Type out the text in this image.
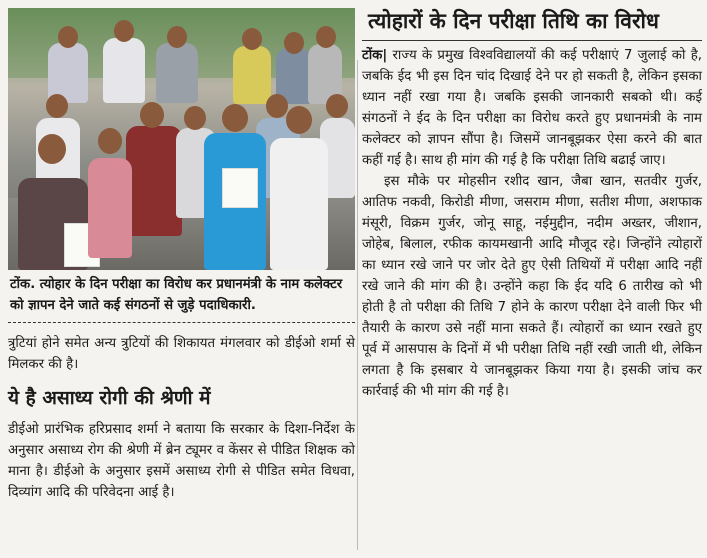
टोंक. त्योहार के दिन परीक्षा का विरोध कर प्रधानमंत्री के नाम कलेक्टर को ज्ञापन देने जाते कई संगठनों से जुड़े पदाधिकारी.

त्रुटियां होने समेत अन्य त्रुटियों की शिकायत मंगलवार को डीईओ शर्मा से मिलकर की है।

ये है असाध्य रोगी की श्रेणी में

डीईओ प्रारंभिक हरिप्रसाद शर्मा ने बताया कि सरकार के दिशा-निर्देश के अनुसार असाध्य रोग की श्रेणी में ब्रेन ट्यूमर व केंसर से पीडित शिक्षक को माना है। डीईओ के अनुसार इसमें असाध्य रोगी से पीडित समेत विधवा, दिव्यांग आदि की परिवेदना आई है।

त्योहारों के दिन परीक्षा तिथि का विरोध

टोंक| राज्य के प्रमुख विश्वविद्यालयों की कई परीक्षाएं 7 जुलाई को है, जबकि ईद भी इस दिन चांद दिखाई देने पर हो सकती है, लेकिन इसका ध्यान नहीं रखा गया है। जबकि इसकी जानकारी सबको थी। कई संगठनों ने ईद के दिन परीक्षा का विरोध करते हुए प्रधानमंत्री के नाम कलेक्टर को ज्ञापन सौंपा है। जिसमें जानबूझकर ऐसा करने की बात कहीं गई है। साथ ही मांग की गई है कि परीक्षा तिथि बढाई जाए।

इस मौके पर मोहसीन रशीद खान, जैबा खान, सतवीर गुर्जर, आतिफ नकवी, किरोडी मीणा, जसराम मीणा, सतीश मीणा, अशफाक मंसूरी, विक्रम गुर्जर, जोनू साहू, नईमुद्दीन, नदीम अख्तर, जीशान, जोहेब, बिलाल, रफीक कायमखानी आदि मौजूद रहे। जिन्होंने त्योहारों का ध्यान रखे जाने पर जोर देते हुए ऐसी तिथियों में परीक्षा आदि नहीं रखे जाने की मांग की है। उन्होंने कहा कि ईद यदि 6 तारीख को भी होती है तो परीक्षा की तिथि 7 होने के कारण परीक्षा देने वाली फिर भी तैयारी के कारण उसे नहीं माना सकते हैं। त्योहारों का ध्यान रखते हुए पूर्व में आसपास के दिनों में भी परीक्षा तिथि नहीं रखी जाती थी, लेकिन लगता है कि इसबार ये जानबूझकर किया गया है। इसकी जांच कर कार्रवाई की भी मांग की गई है।
